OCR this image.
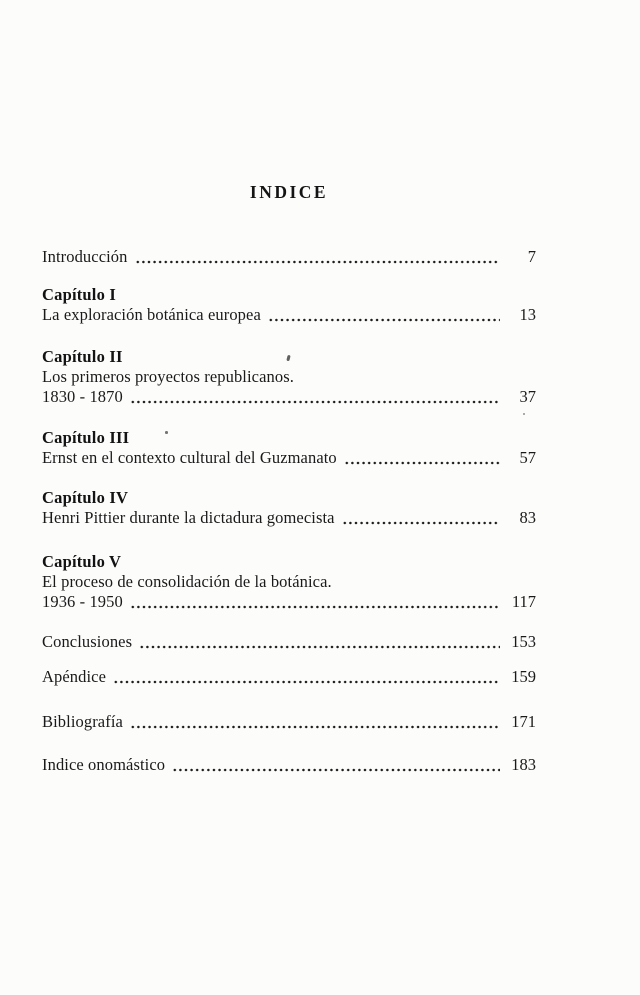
INDICE
Introducción	7
Capítulo I
La exploración botánica europea	13
Capítulo II
Los primeros proyectos republicanos.
1830 - 1870	37
Capítulo III
Ernst en el contexto cultural del Guzmanato	57
Capítulo IV
Henri Pittier durante la dictadura gomecista	83
Capítulo V
El proceso de consolidación de la botánica.
1936 - 1950	117
Conclusiones	153
Apéndice	159
Bibliografía	171
Indice onomástico	183
